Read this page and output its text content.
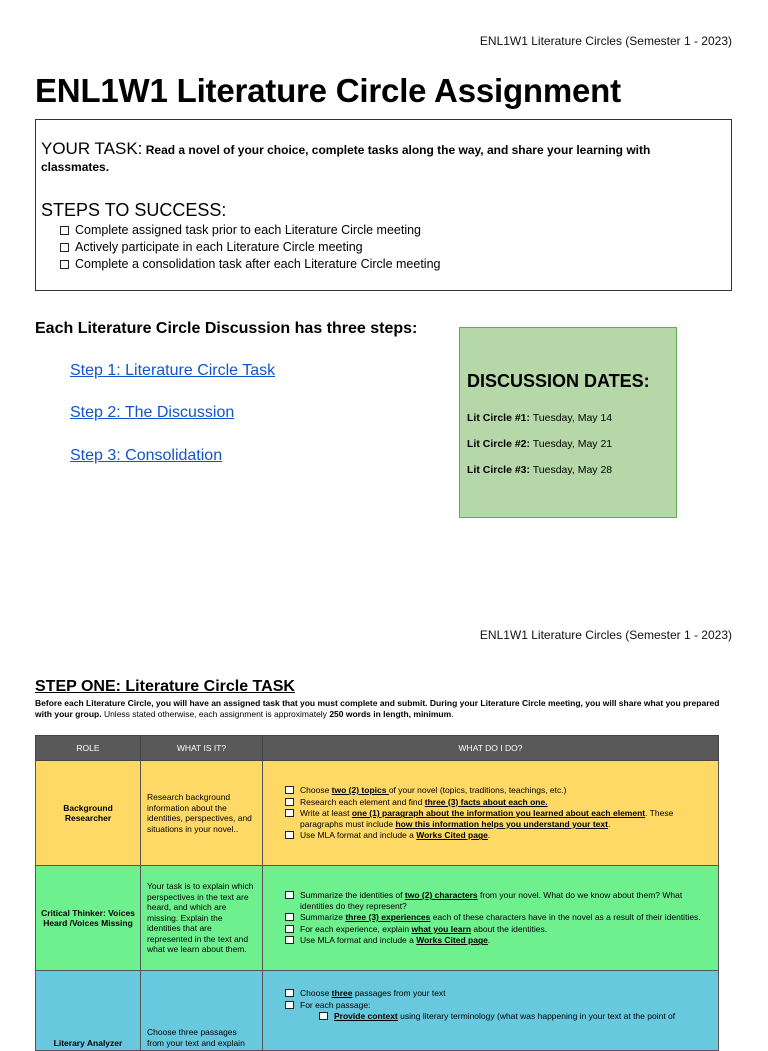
ENL1W1 Literature Circles (Semester 1 - 2023)
ENL1W1 Literature Circle Assignment
YOUR TASK: Read a novel of your choice, complete tasks along the way, and share your learning with classmates.
STEPS TO SUCCESS:
Complete assigned task prior to each Literature Circle meeting
Actively participate in each Literature Circle meeting
Complete a consolidation task after each Literature Circle meeting
Each Literature Circle Discussion has three steps:
Step 1: Literature Circle Task
Step 2: The Discussion
Step 3: Consolidation
DISCUSSION DATES:
Lit Circle #1: Tuesday, May 14
Lit Circle #2: Tuesday, May 21
Lit Circle #3: Tuesday, May 28
ENL1W1 Literature Circles (Semester 1 - 2023)
STEP ONE: Literature Circle TASK
Before each Literature Circle, you will have an assigned task that you must complete and submit. During your Literature Circle meeting, you will share what you prepared with your group. Unless stated otherwise, each assignment is approximately 250 words in length, minimum.
ROLE	WHAT IS IT?	WHAT DO I DO?
Background Researcher	Research background information about the identities, perspectives, and situations in your novel..	Choose two (2) topics of your novel (topics, traditions, teachings, etc.)
Research each element and find three (3) facts about each one.
Write at least one (1) paragraph about the information you learned about each element. These paragraphs must include how this information helps you understand your text.
Use MLA format and include a Works Cited page.

Critical Thinker: Voices Heard /Voices Missing	Your task is to explain which perspectives in the text are heard, and which are missing. Explain the identities that are represented in the text and what we learn about them.	Summarize the identities of two (2) characters from your novel. What do we know about them? What identities do they represent?
Summarize three (3) experiences each of these characters have in the novel as a result of their identities.
For each experience, explain what you learn about the identities.
Use MLA format and include a Works Cited page.

Literary Analyzer	Choose three passages from your text and explain	Choose three passages from your text
For each passage:
Provide context using literary terminology (what was happening in your text at the point of
